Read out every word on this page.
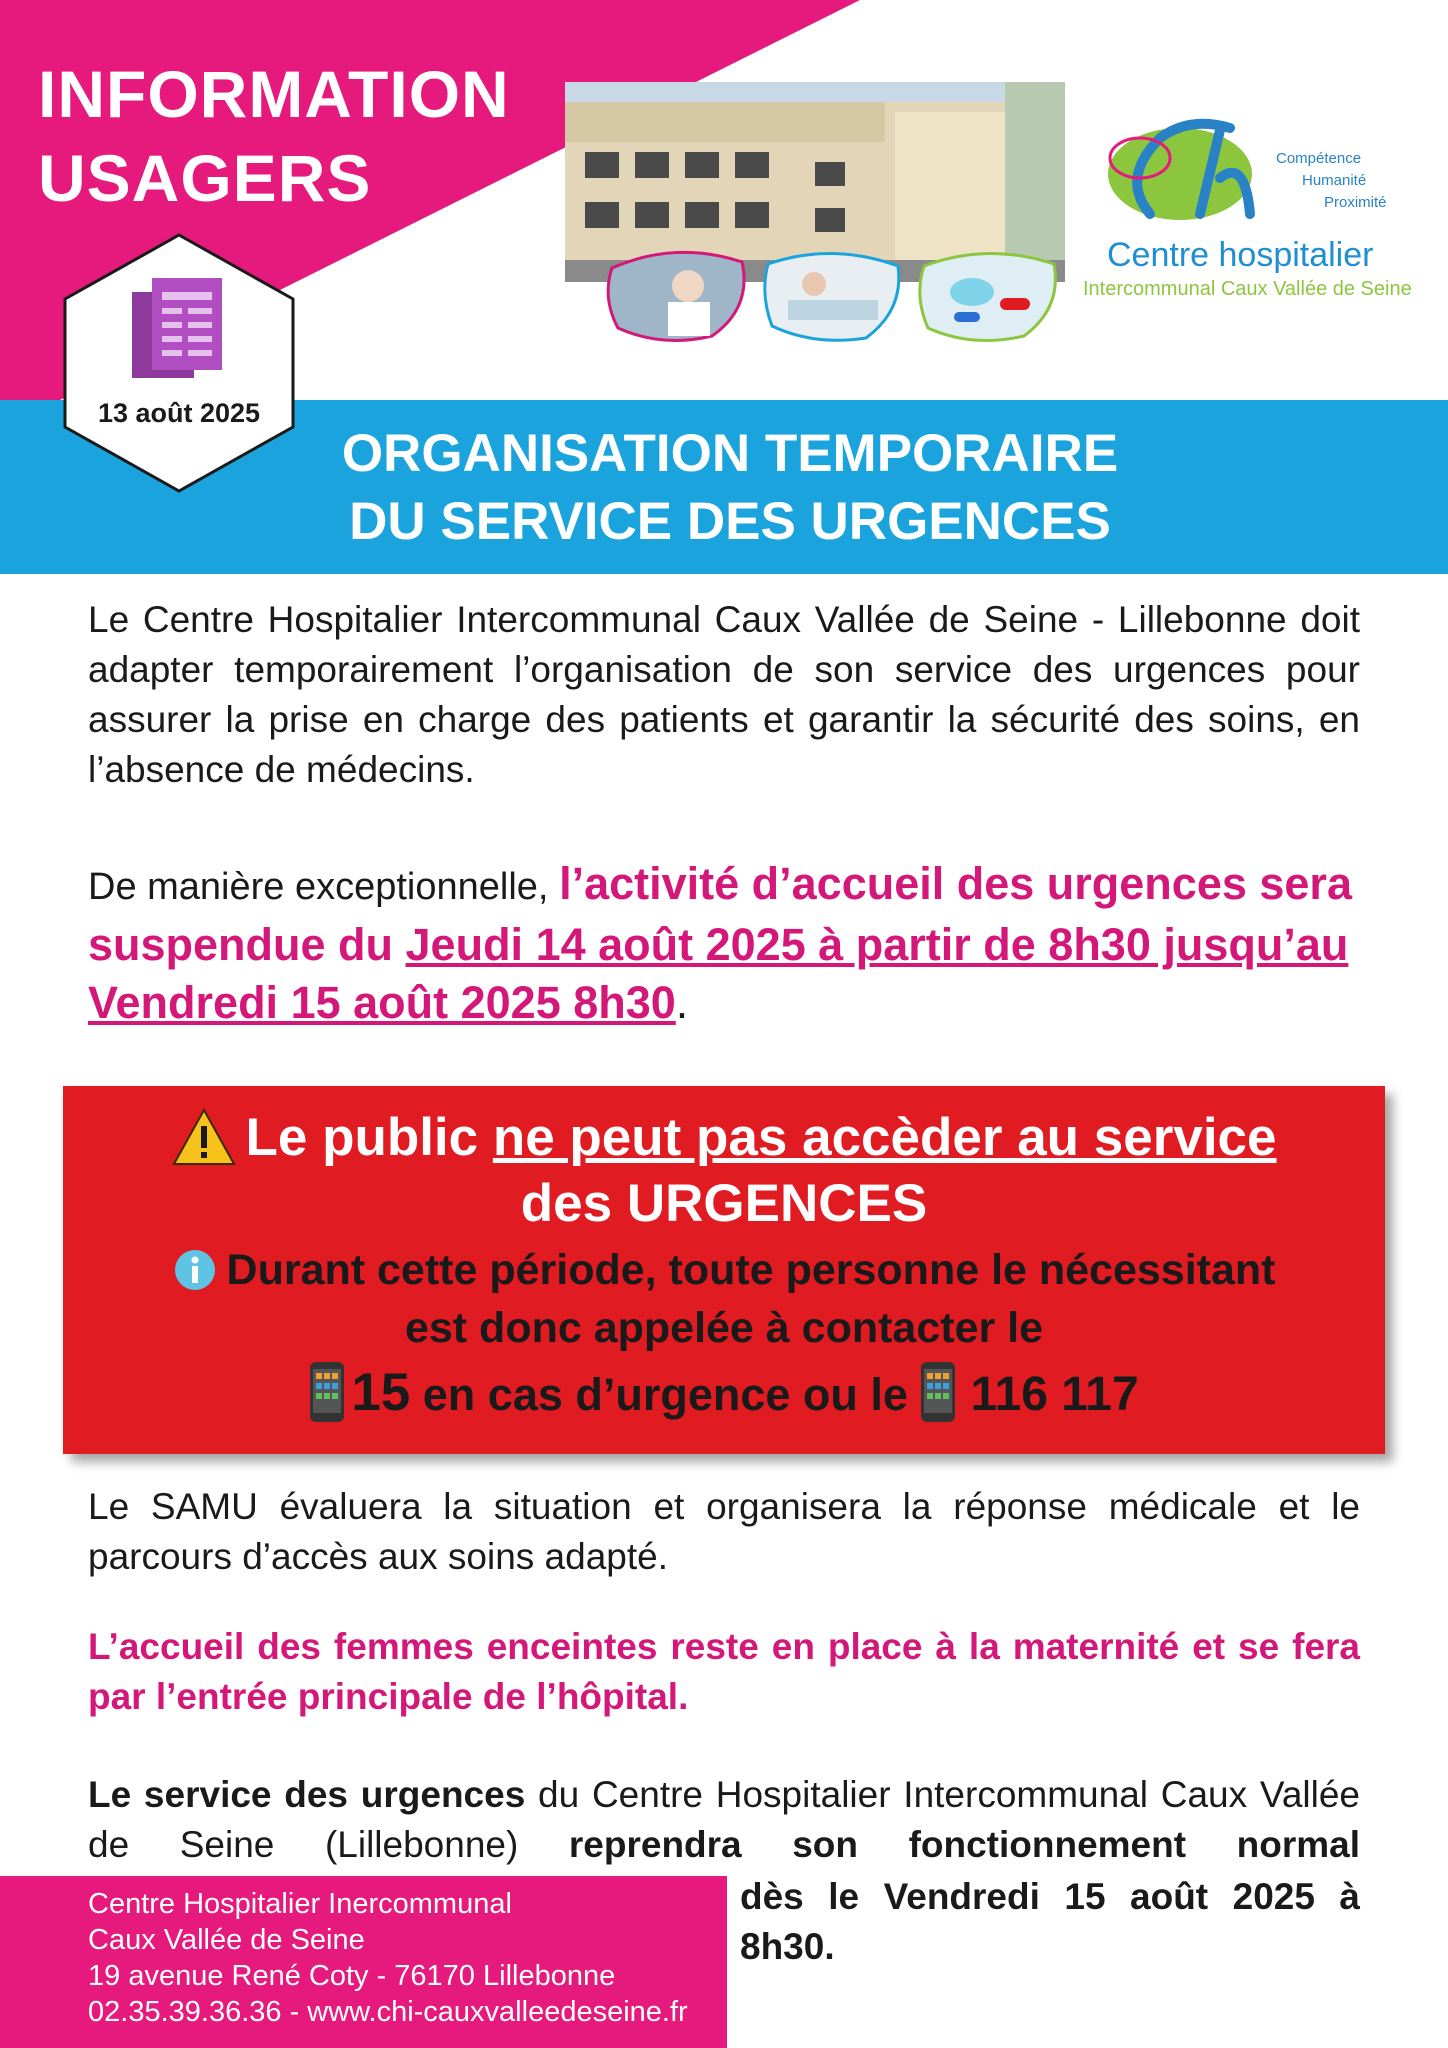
INFORMATION
USAGERS	Compétence
Humanité
Proximité
Centre hospitalier
Intercommunal Caux Vallée de Seine
ORGANISATION TEMPORAIRE
DU SERVICE DES URGENCES
13 août 2025
Le Centre Hospitalier Intercommunal Caux Vallée de Seine - Lillebonne doit adapter temporairement l’organisation de son service des urgences pour assurer la prise en charge des patients et garantir la sécurité des soins, en l’absence de médecins.
De manière exceptionnelle, l’activité d’accueil des urgences sera suspendue du Jeudi 14 août 2025 à partir de 8h30 jusqu’au Vendredi 15 août 2025 8h30.
Le public ne peut pas accèder au service
des URGENCES
Durant cette période, toute personne le nécessitant
est donc appelée à contacter le
15 en cas d’urgence ou le 116 117
Le SAMU évaluera la situation et organisera la réponse médicale et le parcours d’accès aux soins adapté.
L’accueil des femmes enceintes reste en place à la maternité et se fera par l’entrée principale de l’hôpital.
Le service des urgences du Centre Hospitalier Intercommunal Caux Vallée de Seine (Lillebonne) reprendra son fonctionnement normal
dès le Vendredi 15 août 2025 à 8h30.
Centre Hospitalier Inercommunal
Caux Vallée de Seine
19 avenue René Coty - 76170 Lillebonne
02.35.39.36.36 - www.chi-cauxvalleedeseine.fr
